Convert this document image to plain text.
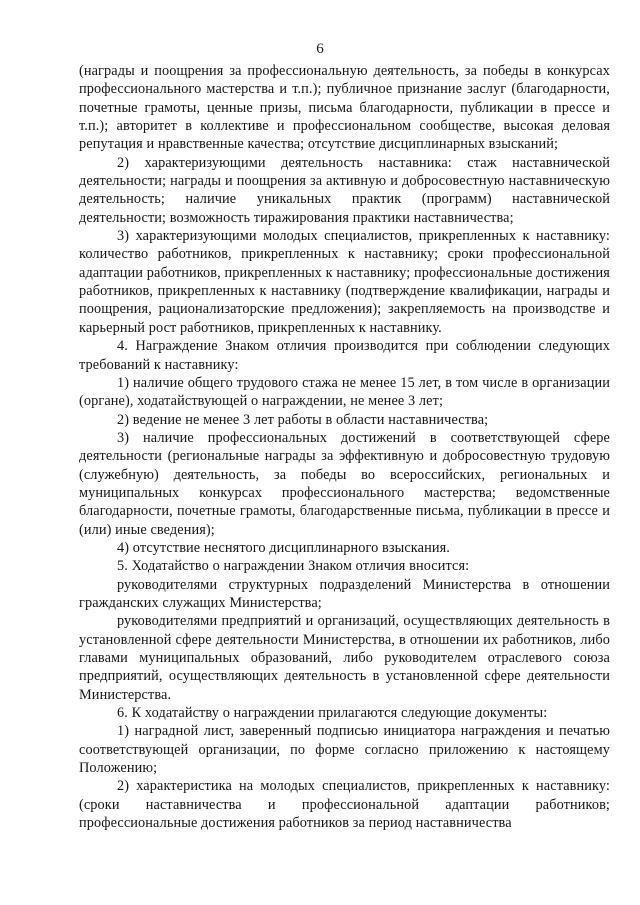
6

(награды и поощрения за профессиональную деятельность, за победы в конкурсах профессионального мастерства и т.п.); публичное признание заслуг (благодарности, почетные грамоты, ценные призы, письма благодарности, публикации в прессе и т.п.); авторитет в коллективе и профессиональном сообществе, высокая деловая репутация и нравственные качества; отсутствие дисциплинарных взысканий;

2) характеризующими деятельность наставника: стаж наставнической деятельности; награды и поощрения за активную и добросовестную наставническую деятельность; наличие уникальных практик (программ) наставнической деятельности; возможность тиражирования практики наставничества;

3) характеризующими молодых специалистов, прикрепленных к наставнику: количество работников, прикрепленных к наставнику; сроки профессиональной адаптации работников, прикрепленных к наставнику; профессиональные достижения работников, прикрепленных к наставнику (подтверждение квалификации, награды и поощрения, рационализаторские предложения); закрепляемость на производстве и карьерный рост работников, прикрепленных к наставнику.

4. Награждение Знаком отличия производится при соблюдении следующих требований к наставнику:

1) наличие общего трудового стажа не менее 15 лет, в том числе в организации (органе), ходатайствующей о награждении, не менее 3 лет;

2) ведение не менее 3 лет работы в области наставничества;

3) наличие профессиональных достижений в соответствующей сфере деятельности (региональные награды за эффективную и добросовестную трудовую (служебную) деятельность, за победы во всероссийских, региональных и муниципальных конкурсах профессионального мастерства; ведомственные благодарности, почетные грамоты, благодарственные письма, публикации в прессе и (или) иные сведения);

4) отсутствие неснятого дисциплинарного взыскания.

5. Ходатайство о награждении Знаком отличия вносится:

руководителями структурных подразделений Министерства в отношении гражданских служащих Министерства;

руководителями предприятий и организаций, осуществляющих деятельность в установленной сфере деятельности Министерства, в отношении их работников, либо главами муниципальных образований, либо руководителем отраслевого союза предприятий, осуществляющих деятельность в установленной сфере деятельности Министерства.

6. К ходатайству о награждении прилагаются следующие документы:

1) наградной лист, заверенный подписью инициатора награждения и печатью соответствующей организации, по форме согласно приложению к настоящему Положению;

2) характеристика на молодых специалистов, прикрепленных к наставнику: (сроки наставничества и профессиональной адаптации работников; профессиональные достижения работников за период наставничества
